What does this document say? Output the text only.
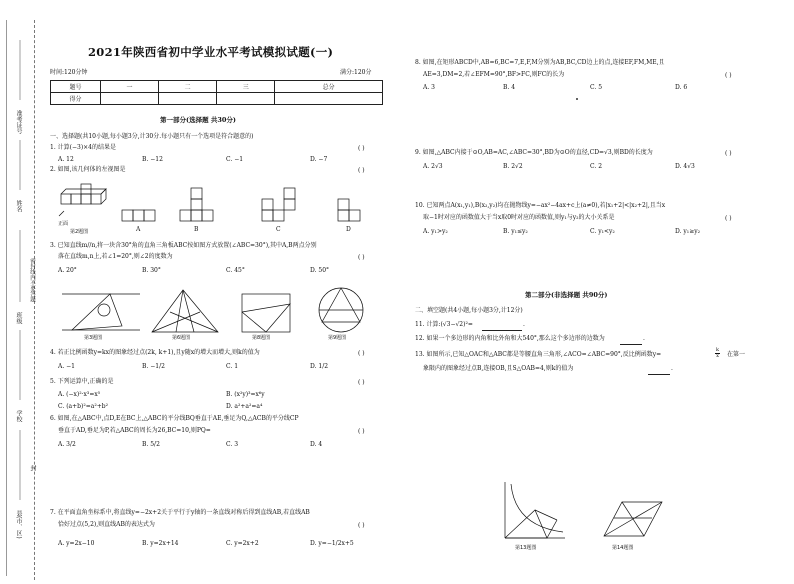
准考证号
姓名
班级
密封线内不要答题
学校
封
县(市、区)
2021年陕西省初中学业水平考试模拟试题(一)
时间:120分钟	满分:120分
题号	一	二	三	总分
得分				
第一部分(选择题 共30分)
一、选择题(共10小题,每小题3分,计30分.每小题只有一个选项是符合题意的)
1. 计算(−3)×4的结果是	( )
A. 12	B. −12	C. −1	D. −7
2. 如图,该几何体的左视图是	( )
正面
第2题图	A	B	C	D
3. 已知直线m//n,将一块含30°角的直角三角板ABC按如图方式放置(∠ABC=30°),其中A,B两点分别
落在直线m,n上,若∠1=20°,则∠2的度数为	( )
A. 20°	B. 30°	C. 45°	D. 50°
第3题图	第6题图	第8题图	第9题图
4. 若正比例函数y=kx的图象经过点(2k, k+1),且y随x的增大而增大,则k的值为	( )
A. −1	B. −1/2	C. 1	D. 1/2
5. 下列运算中,正确的是	( )
A. (−x)²·x³=x⁵	B. (x²y)³=x⁶y
C. (a+b)²=a²+b²	D. a²+a²=a⁴
6. 如图,在△ABC中,点D,E在BC上,△ABC的平分线BQ垂直于AE,垂足为Q,△ACB的平分线CP
垂直于AD,垂足为P,若△ABC的周长为26,BC=10,则PQ=	( )
A. 3/2	B. 5/2	C. 3	D. 4
7. 在平面直角坐标系中,将直线y=−2x+2关于平行于y轴的一条直线对称后得到直线AB,若直线AB
恰好过点(5,2),则直线AB的表达式为	( )
A. y=2x−10	B. y=2x+14	C. y=2x+2	D. y=−1/2x+5
8. 如图,在矩形ABCD中,AB=6,BC=7,E,F,M分别为AB,BC,CD边上的点,连接EF,FM,ME,且
AE=3,DM=2,若∠EFM=90°,BF>FC,则FC的长为	( )
A. 3	B. 4	C. 5	D. 6
9. 如图,△ABC内接于⊙O,AB=AC,∠ABC=30°,BD为⊙O的直径,CD=√3,则BD的长度为	( )
A. 2√3	B. 2√2	C. 2	D. 4√3
10. 已知两点A(x₁,y₁),B(x₂,y₂)均在抛物线y=−ax²−4ax+c上(a≠0),若|x₁+2|<|x₂+2|,且当x
取−1时对应的函数值大于当x取0时对应的函数值,则y₁与y₂的大小关系是	( )
A. y₁>y₂	B. y₁≤y₂	C. y₁<y₂	D. y₁≥y₂
第二部分(非选择题 共90分)
二、填空题(共4小题,每小题3分,计12分)
11. 计算:(√3−√2)²=	.
12. 如果一个多边形的内角和比外角和大540°,那么这个多边形的边数为	.
13. 如图所示,已知△OAC和△ABC都是等腰直角三角形,∠ACO=∠ABC=90°,反比例函数y=	$\frac{k}{x}$ 在第一
象限内的图象经过点B,连接OB,且S△OAB=4,则k的值为	.
第13题图	第14题图
